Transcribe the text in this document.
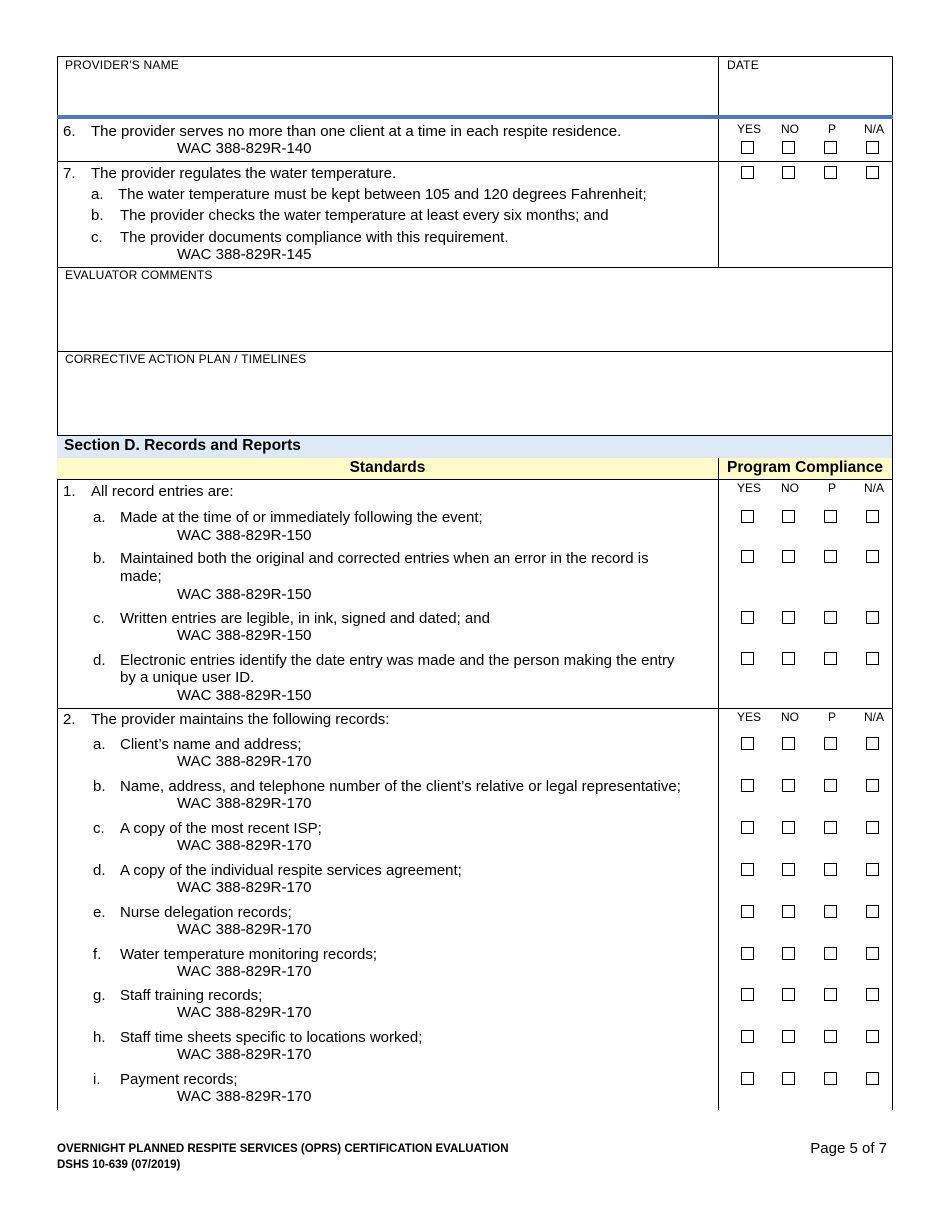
PROVIDER'S NAME	DATE
YES	NO	P	N/A
6. The provider serves no more than one client at a time in each respite residence.
WAC 388-829R-140
7. The provider regulates the water temperature.
a. The water temperature must be kept between 105 and 120 degrees Fahrenheit;
b. The provider checks the water temperature at least every six months; and
c. The provider documents compliance with this requirement.
WAC 388-829R-145
EVALUATOR COMMENTS
CORRECTIVE ACTION PLAN / TIMELINES
Section D. Records and Reports
Standards	Program Compliance
YES	NO	P	N/A
1. All record entries are:
a. Made at the time of or immediately following the event;
WAC 388-829R-150
b. Maintained both the original and corrected entries when an error in the record is
made;
WAC 388-829R-150
c. Written entries are legible, in ink, signed and dated; and
WAC 388-829R-150
d. Electronic entries identify the date entry was made and the person making the entry
by a unique user ID.
WAC 388-829R-150
YES	NO	P	N/A
2. The provider maintains the following records:
a. Client’s name and address;
WAC 388-829R-170
b. Name, address, and telephone number of the client’s relative or legal representative;
WAC 388-829R-170
c. A copy of the most recent ISP;
WAC 388-829R-170
d. A copy of the individual respite services agreement;
WAC 388-829R-170
e. Nurse delegation records;
WAC 388-829R-170
f. Water temperature monitoring records;
WAC 388-829R-170
g. Staff training records;
WAC 388-829R-170
h. Staff time sheets specific to locations worked;
WAC 388-829R-170
i. Payment records;
WAC 388-829R-170
OVERNIGHT PLANNED RESPITE SERVICES (OPRS) CERTIFICATION EVALUATION
DSHS 10-639 (07/2019)
Page 5 of 7
